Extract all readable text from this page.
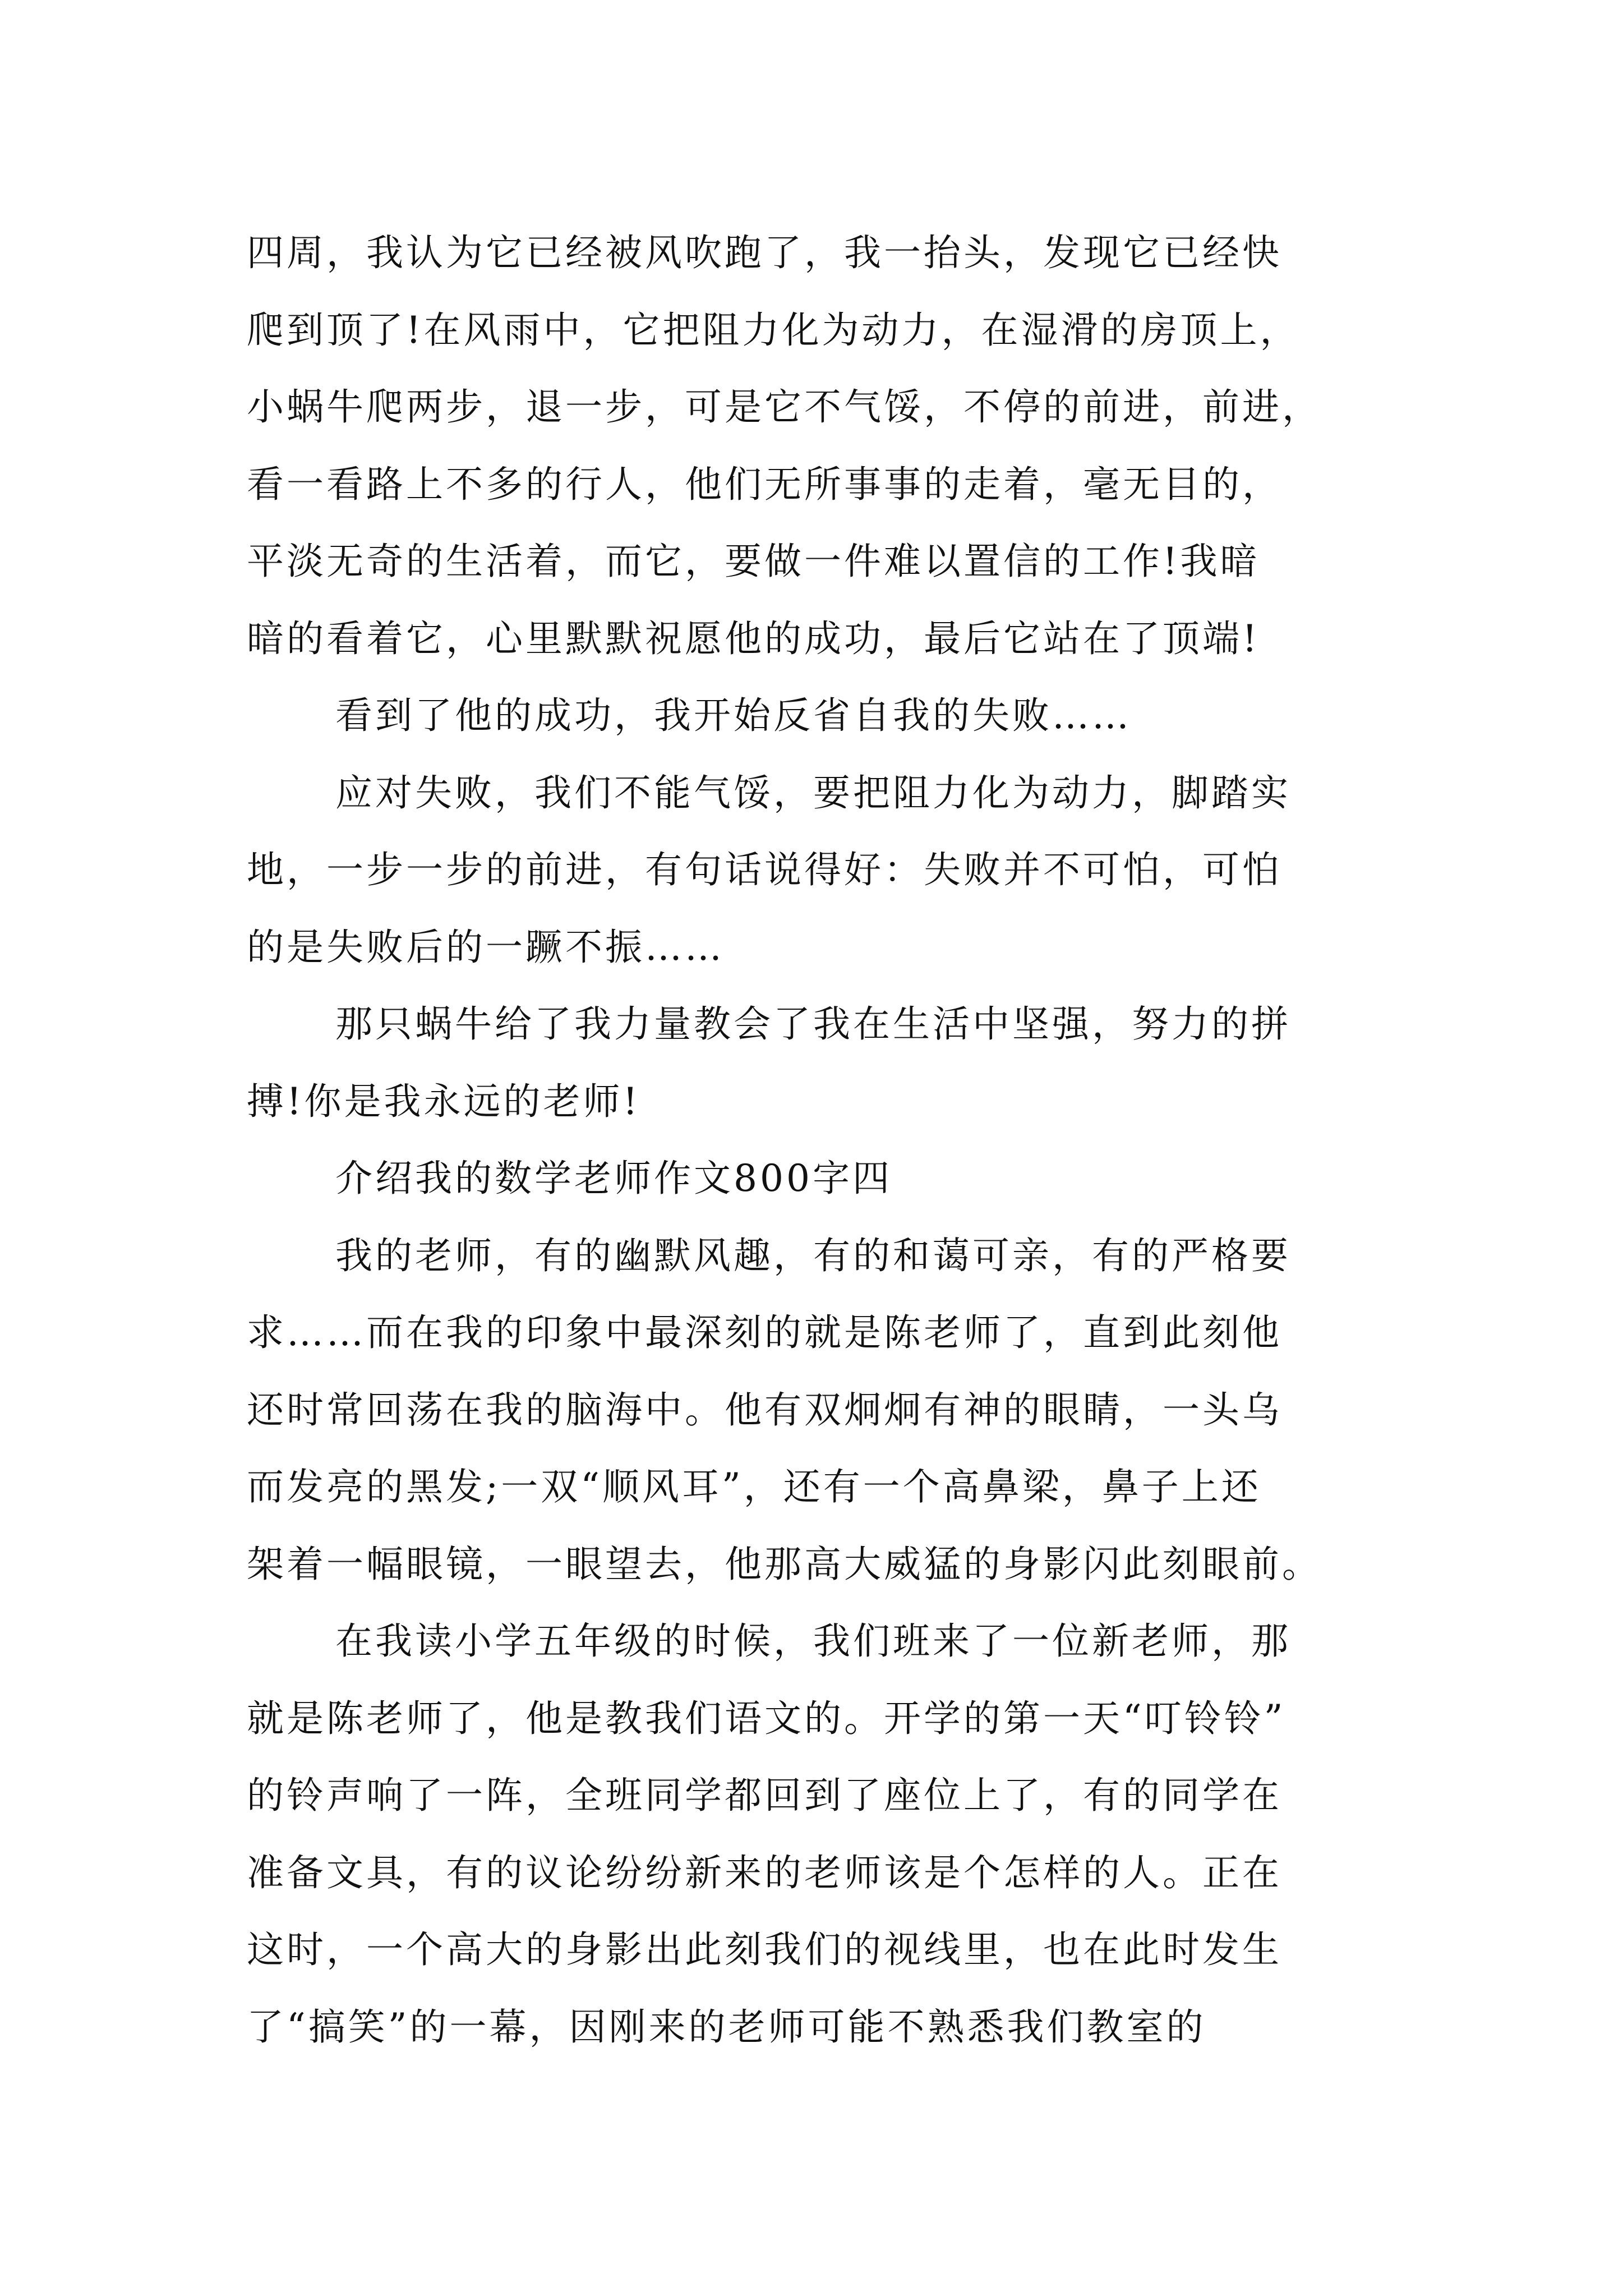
四周，我认为它已经被风吹跑了，我一抬头，发现它已经快
爬到顶了!在风雨中，它把阻力化为动力，在湿滑的房顶上，
小蜗牛爬两步，退一步，可是它不气馁，不停的前进，前进，
看一看路上不多的行人，他们无所事事的走着，毫无目的，
平淡无奇的生活着，而它，要做一件难以置信的工作!我暗
暗的看着它，心里默默祝愿他的成功，最后它站在了顶端!
看到了他的成功，我开始反省自我的失败……
应对失败，我们不能气馁，要把阻力化为动力，脚踏实
地，一步一步的前进，有句话说得好：失败并不可怕，可怕
的是失败后的一蹶不振……
那只蜗牛给了我力量教会了我在生活中坚强，努力的拼
搏!你是我永远的老师!
介绍我的数学老师作文800字四
我的老师，有的幽默风趣，有的和蔼可亲，有的严格要
求……而在我的印象中最深刻的就是陈老师了，直到此刻他
还时常回荡在我的脑海中。他有双炯炯有神的眼睛，一头乌
而发亮的黑发;一双“顺风耳”，还有一个高鼻梁，鼻子上还
架着一幅眼镜，一眼望去，他那高大威猛的身影闪此刻眼前。
在我读小学五年级的时候，我们班来了一位新老师，那
就是陈老师了，他是教我们语文的。开学的第一天“叮铃铃”
的铃声响了一阵，全班同学都回到了座位上了，有的同学在
准备文具，有的议论纷纷新来的老师该是个怎样的人。正在
这时，一个高大的身影出此刻我们的视线里，也在此时发生
了“搞笑”的一幕，因刚来的老师可能不熟悉我们教室的
